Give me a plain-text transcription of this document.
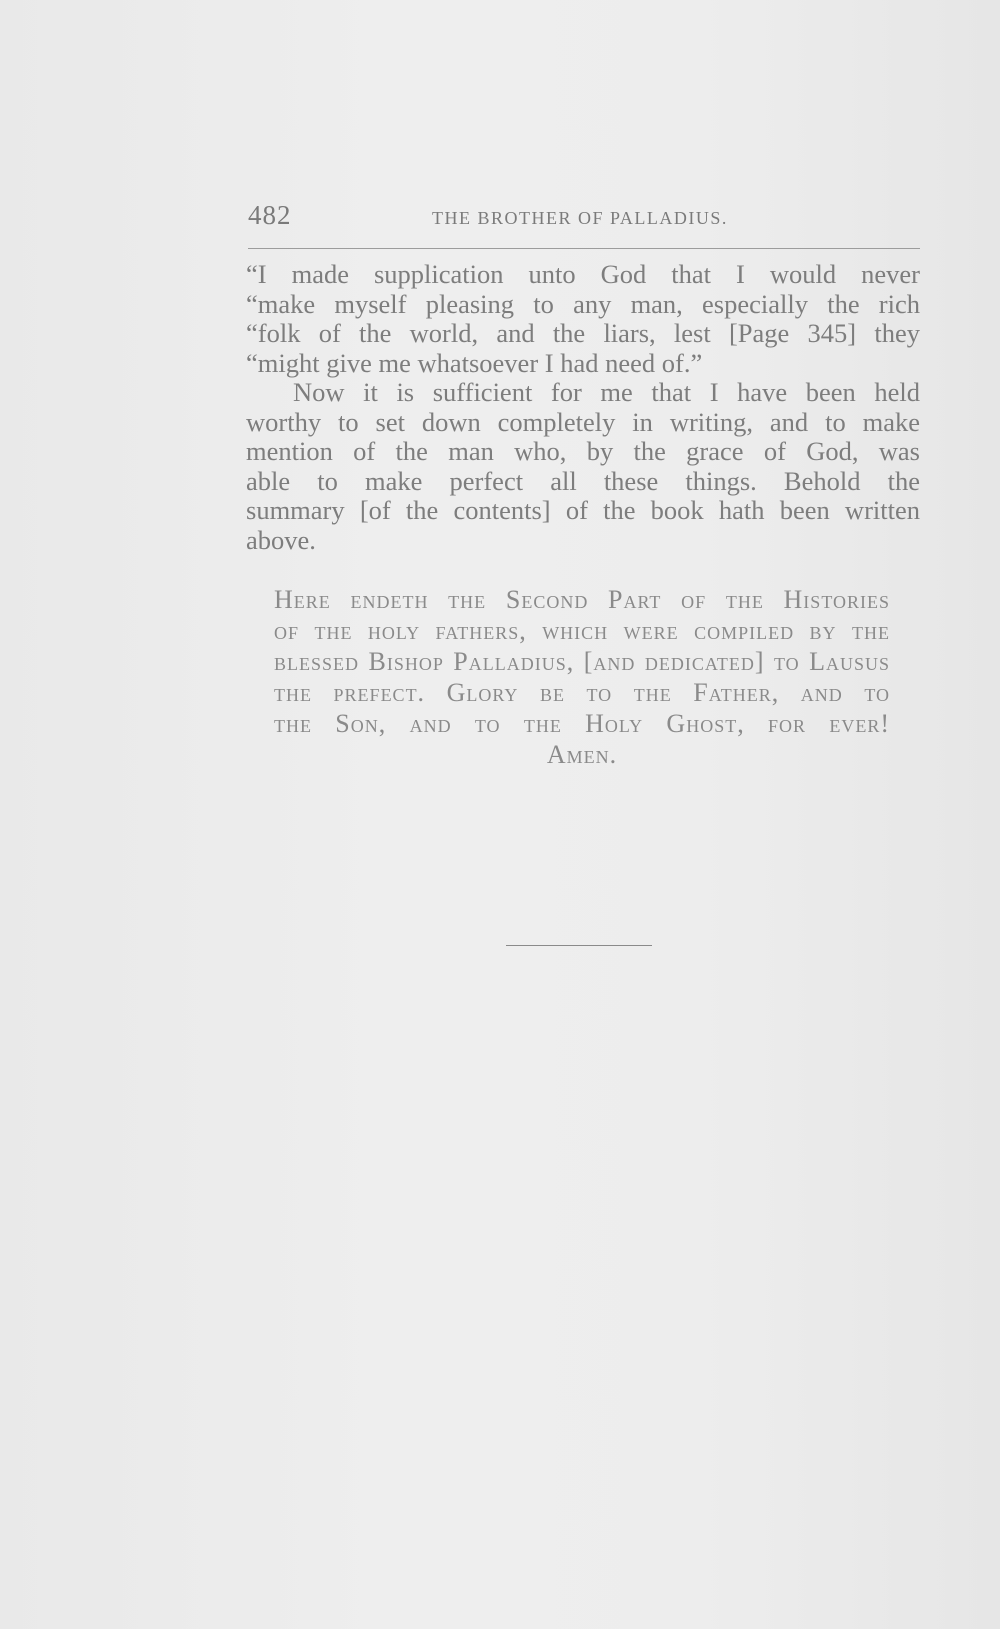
482	THE BROTHER OF PALLADIUS.
“I made supplication unto God that I would never
“make myself pleasing to any man, especially the rich
“folk of the world, and the liars, lest [Page 345] they
“might give me whatsoever I had need of.”
Now it is sufficient for me that I have been held
worthy to set down completely in writing, and to make
mention of the man who, by the grace of God, was
able to make perfect all these things. Behold the
summary [of the contents] of the book hath been written
above.
Here endeth the Second Part of the Histories
of the holy fathers, which were compiled by the
blessed Bishop Palladius, [and dedicated] to Lausus
the prefect. Glory be to the Father, and to
the Son, and to the Holy Ghost, for ever!
Amen.
